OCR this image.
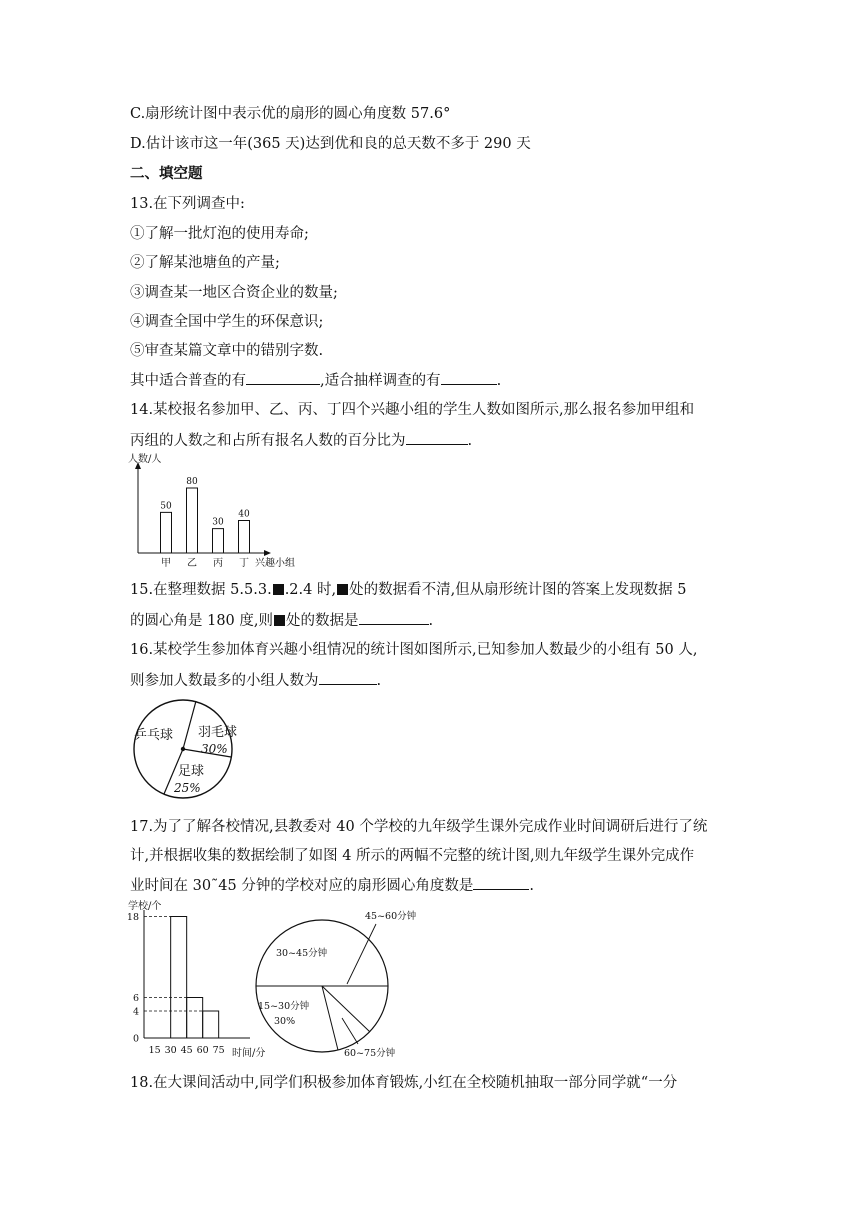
C.扇形统计图中表示优的扇形的圆心角度数 57.6°
D.估计该市这一年(365 天)达到优和良的总天数不多于 290 天
二、填空题
13.在下列调查中:
①了解一批灯泡的使用寿命;
②了解某池塘鱼的产量;
③调查某一地区合资企业的数量;
④调查全国中学生的环保意识;
⑤审查某篇文章中的错别字数.
其中适合普查的有	,适合抽样调查的有	.
14.某校报名参加甲、乙、丙、丁四个兴趣小组的学生人数如图所示,那么报名参加甲组和
丙组的人数之和占所有报名人数的百分比为	.
人数/人
兴趣小组
50
甲
80
乙
30
丙
40
丁
15.在整理数据 5.5.3. .2.4 时, 处的数据看不清,但从扇形统计图的答案上发现数据 5
的圆心角是 180 度,则 处的数据是	.
16.某校学生参加体育兴趣小组情况的统计图如图所示,已知参加人数最少的小组有 50 人,
则参加人数最多的小组人数为	.
乒乓球 羽毛球
30%
足球
25%
17.为了了解各校情况,县教委对 40 个学校的九年级学生课外完成作业时间调研后进行了统
计,并根据收集的数据绘制了如图 4 所示的两幅不完整的统计图,则九年级学生课外完成作
业时间在 30˜45 分钟的学校对应的扇形圆心角度数是	.
学校/个
时间/分
0
4
6
18
15 30 45 60 75
30~45分钟
45~60分钟
15~30分钟
30%
60~75分钟
18.在大课间活动中,同学们积极参加体育锻炼,小红在全校随机抽取一部分同学就“一分
